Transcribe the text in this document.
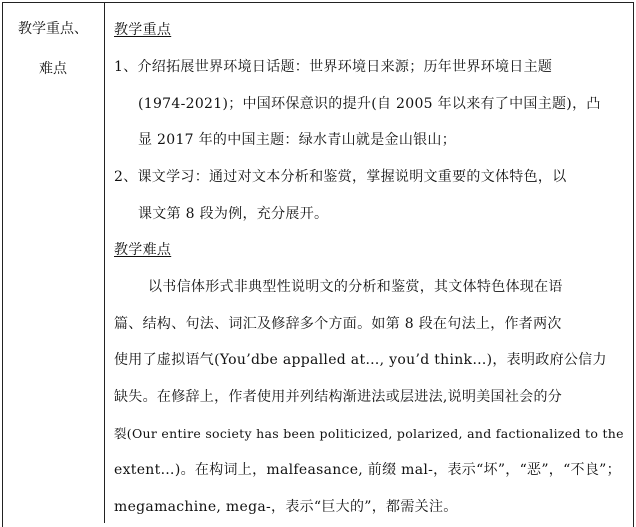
教学重点、
难点
教学重点
1、介绍拓展世界环境日话题：世界环境日来源；历年世界环境日主题
(1974-2021)；中国环保意识的提升(自 2005 年以来有了中国主题)，凸
显 2017 年的中国主题：绿水青山就是金山银山；
2、课文学习：通过对文本分析和鉴赏，掌握说明文重要的文体特色，以
课文第 8 段为例，充分展开。
教学难点
以书信体形式非典型性说明文的分析和鉴赏，其文体特色体现在语
篇、结构、句法、词汇及修辞多个方面。如第 8 段在句法上，作者两次
使用了虚拟语气(You’dbe appalled at…, you’d think…)，表明政府公信力
缺失。在修辞上，作者使用并列结构渐进法或层进法,说明美国社会的分
裂(Our entire society has been politicized, polarized, and factionalized to the
extent…)。在构词上，malfeasance, 前缀 mal-，表示“坏”，“恶”，“不良”；
megamachine, mega-，表示“巨大的”，都需关注。
